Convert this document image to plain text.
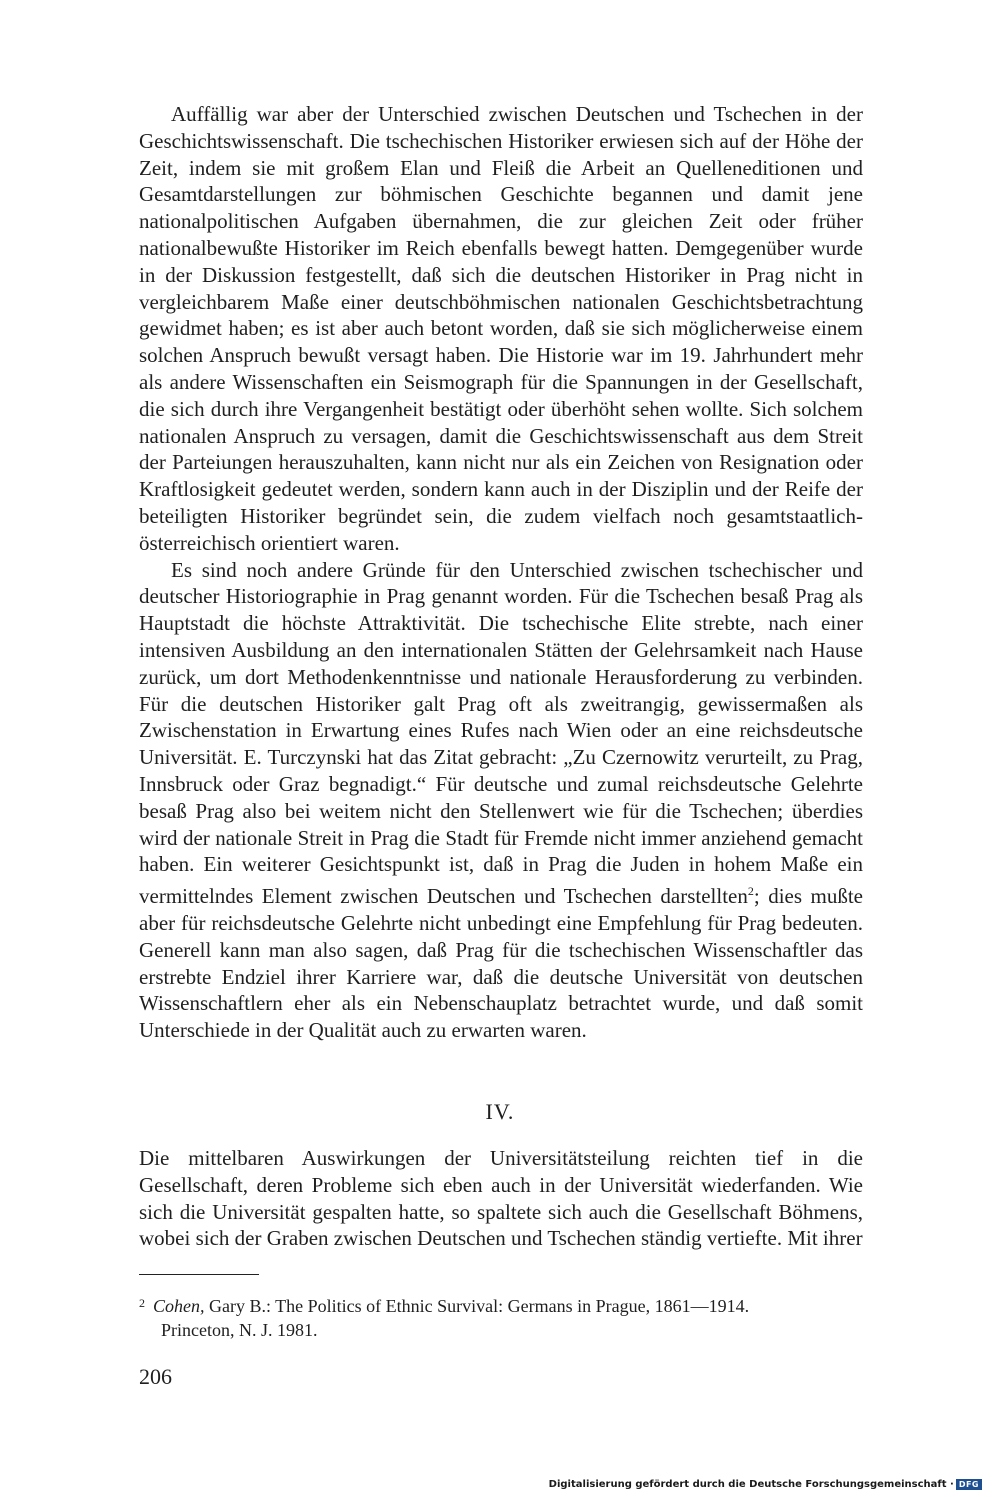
Auffällig war aber der Unterschied zwischen Deutschen und Tschechen in der Geschichtswissenschaft. Die tschechischen Historiker erwiesen sich auf der Höhe der Zeit, indem sie mit großem Elan und Fleiß die Arbeit an Quelleneditionen und Gesamtdarstellungen zur böhmischen Geschichte begannen und damit jene nationalpolitischen Aufgaben übernahmen, die zur gleichen Zeit oder früher nationalbewußte Historiker im Reich ebenfalls bewegt hatten. Demgegenüber wurde in der Diskussion festgestellt, daß sich die deutschen Historiker in Prag nicht in vergleichbarem Maße einer deutschböhmischen nationalen Geschichtsbetrachtung gewidmet haben; es ist aber auch betont worden, daß sie sich möglicherweise einem solchen Anspruch bewußt versagt haben. Die Historie war im 19. Jahrhundert mehr als andere Wissenschaften ein Seismograph für die Spannungen in der Gesellschaft, die sich durch ihre Vergangenheit bestätigt oder überhöht sehen wollte. Sich solchem nationalen Anspruch zu versagen, damit die Geschichtswissenschaft aus dem Streit der Parteiungen herauszuhalten, kann nicht nur als ein Zeichen von Resignation oder Kraftlosigkeit gedeutet werden, sondern kann auch in der Disziplin und der Reife der beteiligten Historiker begründet sein, die zudem vielfach noch gesamtstaatlich-österreichisch orientiert waren.

Es sind noch andere Gründe für den Unterschied zwischen tschechischer und deutscher Historiographie in Prag genannt worden. Für die Tschechen besaß Prag als Hauptstadt die höchste Attraktivität. Die tschechische Elite strebte, nach einer intensiven Ausbildung an den internationalen Stätten der Gelehrsamkeit nach Hause zurück, um dort Methodenkenntnisse und nationale Herausforderung zu verbinden. Für die deutschen Historiker galt Prag oft als zweitrangig, gewissermaßen als Zwischenstation in Erwartung eines Rufes nach Wien oder an eine reichsdeutsche Universität. E. Turczynski hat das Zitat gebracht: „Zu Czernowitz verurteilt, zu Prag, Innsbruck oder Graz begnadigt.“ Für deutsche und zumal reichsdeutsche Gelehrte besaß Prag also bei weitem nicht den Stellenwert wie für die Tschechen; überdies wird der nationale Streit in Prag die Stadt für Fremde nicht immer anziehend gemacht haben. Ein weiterer Gesichtspunkt ist, daß in Prag die Juden in hohem Maße ein vermittelndes Element zwischen Deutschen und Tschechen darstellten$^2$; dies mußte aber für reichsdeutsche Gelehrte nicht unbedingt eine Empfehlung für Prag bedeuten. Generell kann man also sagen, daß Prag für die tschechischen Wissenschaftler das erstrebte Endziel ihrer Karriere war, daß die deutsche Universität von deutschen Wissenschaftlern eher als ein Nebenschauplatz betrachtet wurde, und daß somit Unterschiede in der Qualität auch zu erwarten waren.

IV.

Die mittelbaren Auswirkungen der Universitätsteilung reichten tief in die Gesellschaft, deren Probleme sich eben auch in der Universität wiederfanden. Wie sich die Universität gespalten hatte, so spaltete sich auch die Gesellschaft Böhmens, wobei sich der Graben zwischen Deutschen und Tschechen ständig vertiefte. Mit ihrer

$^2$ Cohen, Gary B.: The Politics of Ethnic Survival: Germans in Prague, 1861—1914.
Princeton, N. J. 1981.
206
Digitalisierung gefördert durch die Deutsche Forschungsgemeinschaft · DFG
